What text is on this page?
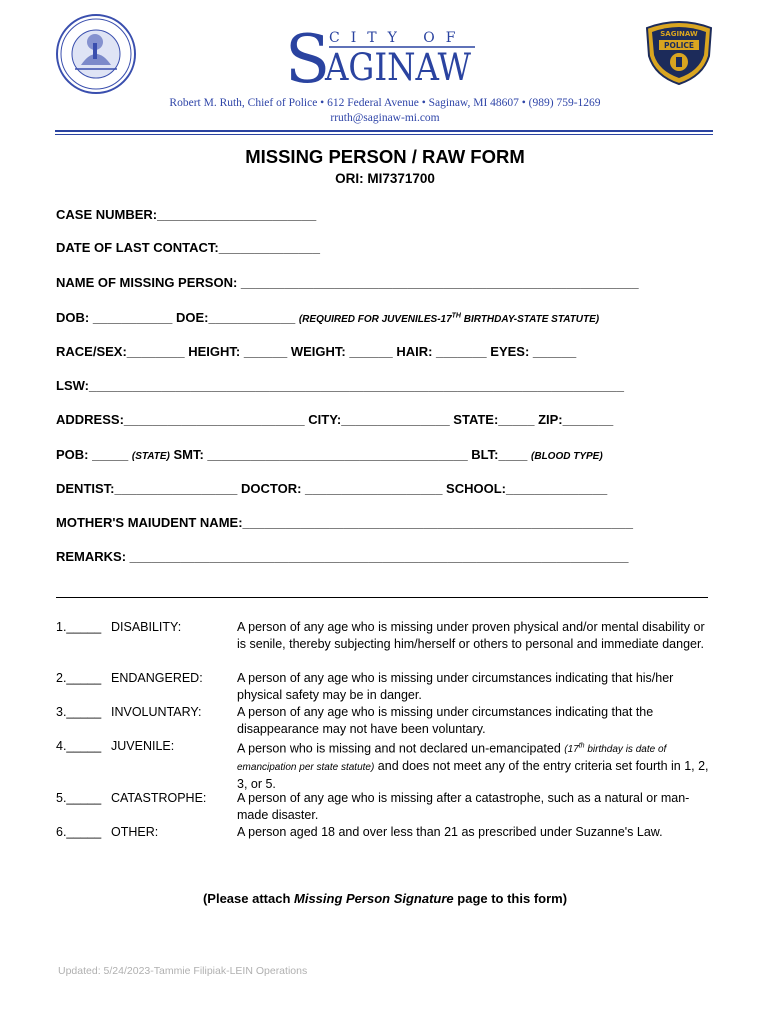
S
CITY OF
AGINAW
SAGINAW
POLICE
Robert M. Ruth, Chief of Police • 612 Federal Avenue • Saginaw, MI 48607 • (989) 759-1269
rruth@saginaw-mi.com
MISSING PERSON / RAW FORM
ORI: MI7371700
CASE NUMBER:______________________
DATE OF LAST CONTACT:______________
NAME OF MISSING PERSON: _______________________________________________________
DOB: ___________ DOE:____________ (REQUIRED FOR JUVENILES-17TH BIRTHDAY-STATE STATUTE)
RACE/SEX:________ HEIGHT: ______ WEIGHT: ______ HAIR: _______ EYES: ______
LSW:__________________________________________________________________________
ADDRESS:_________________________ CITY:_______________ STATE:_____ ZIP:_______
POB: _____ (STATE) SMT: ____________________________________ BLT:____ (BLOOD TYPE)
DENTIST:_________________ DOCTOR: ___________________ SCHOOL:______________
MOTHER'S MAIUDENT NAME:______________________________________________________
REMARKS: _____________________________________________________________________
1._____ DISABILITY:	A person of any age who is missing under proven physical and/or mental disability or is senile, thereby subjecting him/herself or others to personal and immediate danger.
2._____ ENDANGERED:	A person of any age who is missing under circumstances indicating that his/her physical safety may be in danger.
3._____ INVOLUNTARY:	A person of any age who is missing under circumstances indicating that the disappearance may not have been voluntary.
4._____ JUVENILE:	A person who is missing and not declared un-emancipated (17th birthday is date of emancipation per state statute) and does not meet any of the entry criteria set fourth in 1, 2, 3, or 5.
5._____ CATASTROPHE: A person of any age who is missing after a catastrophe, such as a natural or man-made disaster.
6._____ OTHER:	A person aged 18 and over less than 21 as prescribed under Suzanne's Law.
(Please attach Missing Person Signature page to this form)
Updated: 5/24/2023-Tammie Filipiak-LEIN Operations
